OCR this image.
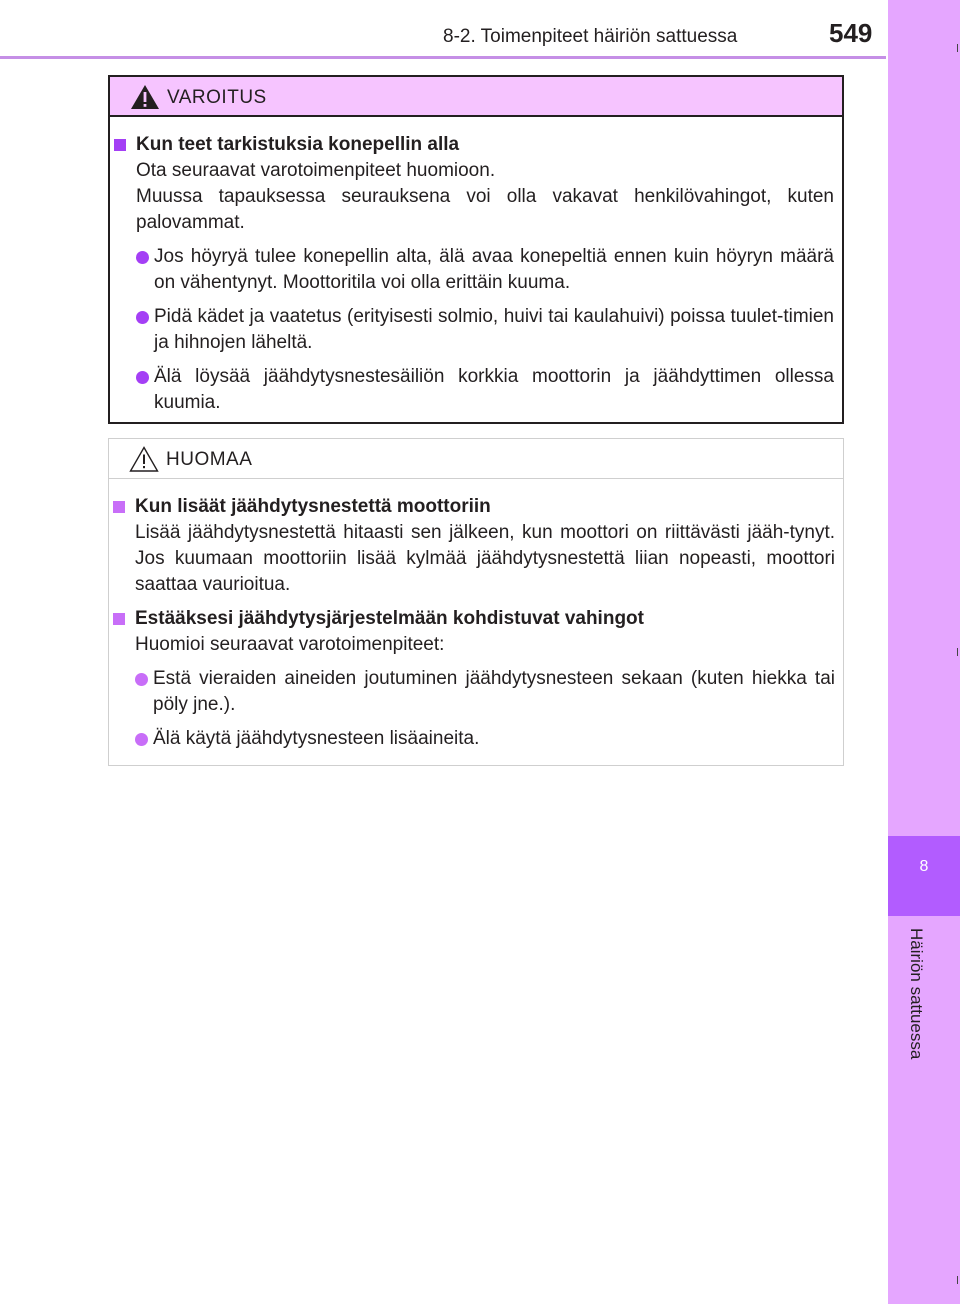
8
Häiriön sattuessa
8-2. Toimenpiteet häiriön sattuessa	549
VAROITUS
Kun teet tarkistuksia konepellin alla
Ota seuraavat varotoimenpiteet huomioon.
Muussa tapauksessa seurauksena voi olla vakavat henkilövahingot, kuten palovammat.
Jos höyryä tulee konepellin alta, älä avaa konepeltiä ennen kuin höyryn määrä on vähentynyt. Moottoritila voi olla erittäin kuuma.
Pidä kädet ja vaatetus (erityisesti solmio, huivi tai kaulahuivi) poissa tuulet-timien ja hihnojen läheltä.
Älä löysää jäähdytysnestesäiliön korkkia moottorin ja jäähdyttimen ollessa kuumia.
HUOMAA
Kun lisäät jäähdytysnestettä moottoriin
Lisää jäähdytysnestettä hitaasti sen jälkeen, kun moottori on riittävästi jääh-tynyt. Jos kuumaan moottoriin lisää kylmää jäähdytysnestettä liian nopeasti, moottori saattaa vaurioitua.
Estääksesi jäähdytysjärjestelmään kohdistuvat vahingot
Huomioi seuraavat varotoimenpiteet:
Estä vieraiden aineiden joutuminen jäähdytysnesteen sekaan (kuten hiekka tai pöly jne.).
Älä käytä jäähdytysnesteen lisäaineita.
